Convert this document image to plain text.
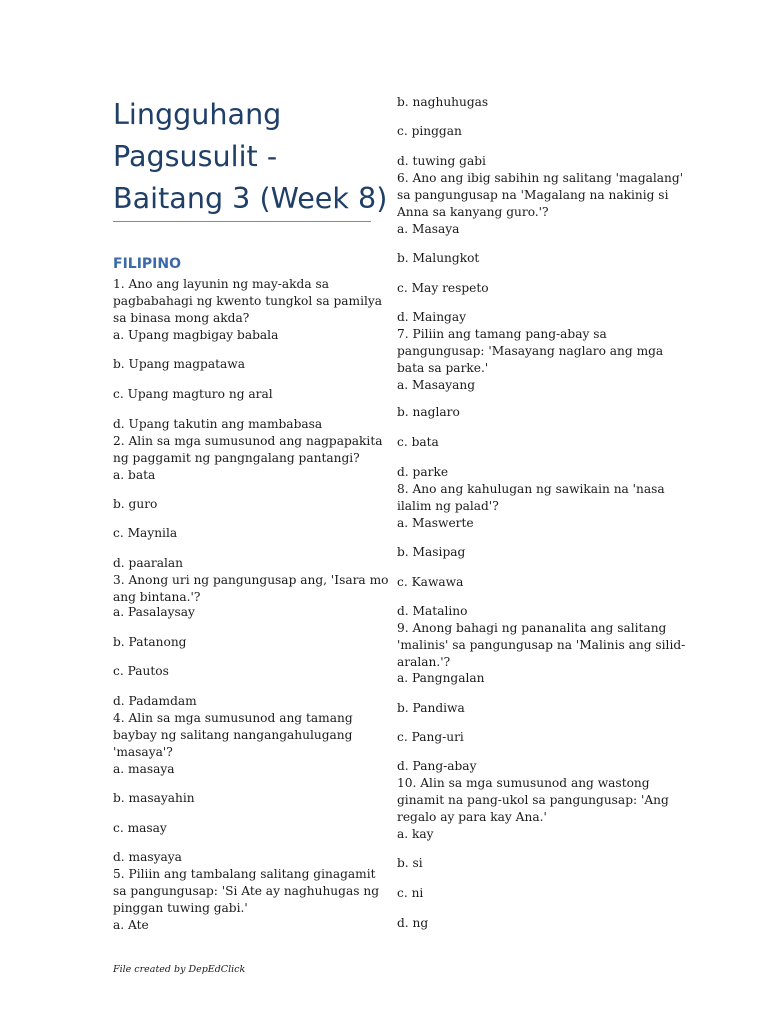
Lingguhang
Pagsusulit -
Baitang 3 (Week 8)
FILIPINO
1. Ano ang layunin ng may-akda sa
pagbabahagi ng kwento tungkol sa pamilya
sa binasa mong akda?
a. Upang magbigay babala
b. Upang magpatawa
c. Upang magturo ng aral
d. Upang takutin ang mambabasa
2. Alin sa mga sumusunod ang nagpapakita
ng paggamit ng pangngalang pantangi?
a. bata
b. guro
c. Maynila
d. paaralan
3. Anong uri ng pangungusap ang, 'Isara mo
ang bintana.'?
a. Pasalaysay
b. Patanong
c. Pautos
d. Padamdam
4. Alin sa mga sumusunod ang tamang
baybay ng salitang nangangahulugang
'masaya'?
a. masaya
b. masayahin
c. masay
d. masyaya
5. Piliin ang tambalang salitang ginagamit
sa pangungusap: 'Si Ate ay naghuhugas ng
pinggan tuwing gabi.'
a. Ate
b. naghuhugas
c. pinggan
d. tuwing gabi
6. Ano ang ibig sabihin ng salitang 'magalang'
sa pangungusap na 'Magalang na nakinig si
Anna sa kanyang guro.'?
a. Masaya
b. Malungkot
c. May respeto
d. Maingay
7. Piliin ang tamang pang-abay sa
pangungusap: 'Masayang naglaro ang mga
bata sa parke.'
a. Masayang
b. naglaro
c. bata
d. parke
8. Ano ang kahulugan ng sawikain na 'nasa
ilalim ng palad'?
a. Maswerte
b. Masipag
c. Kawawa
d. Matalino
9. Anong bahagi ng pananalita ang salitang
'malinis' sa pangungusap na 'Malinis ang silid-
aralan.'?
a. Pangngalan
b. Pandiwa
c. Pang-uri
d. Pang-abay
10. Alin sa mga sumusunod ang wastong
ginamit na pang-ukol sa pangungusap: 'Ang
regalo ay para kay Ana.'
a. kay
b. si
c. ni
d. ng
File created by DepEdClick
